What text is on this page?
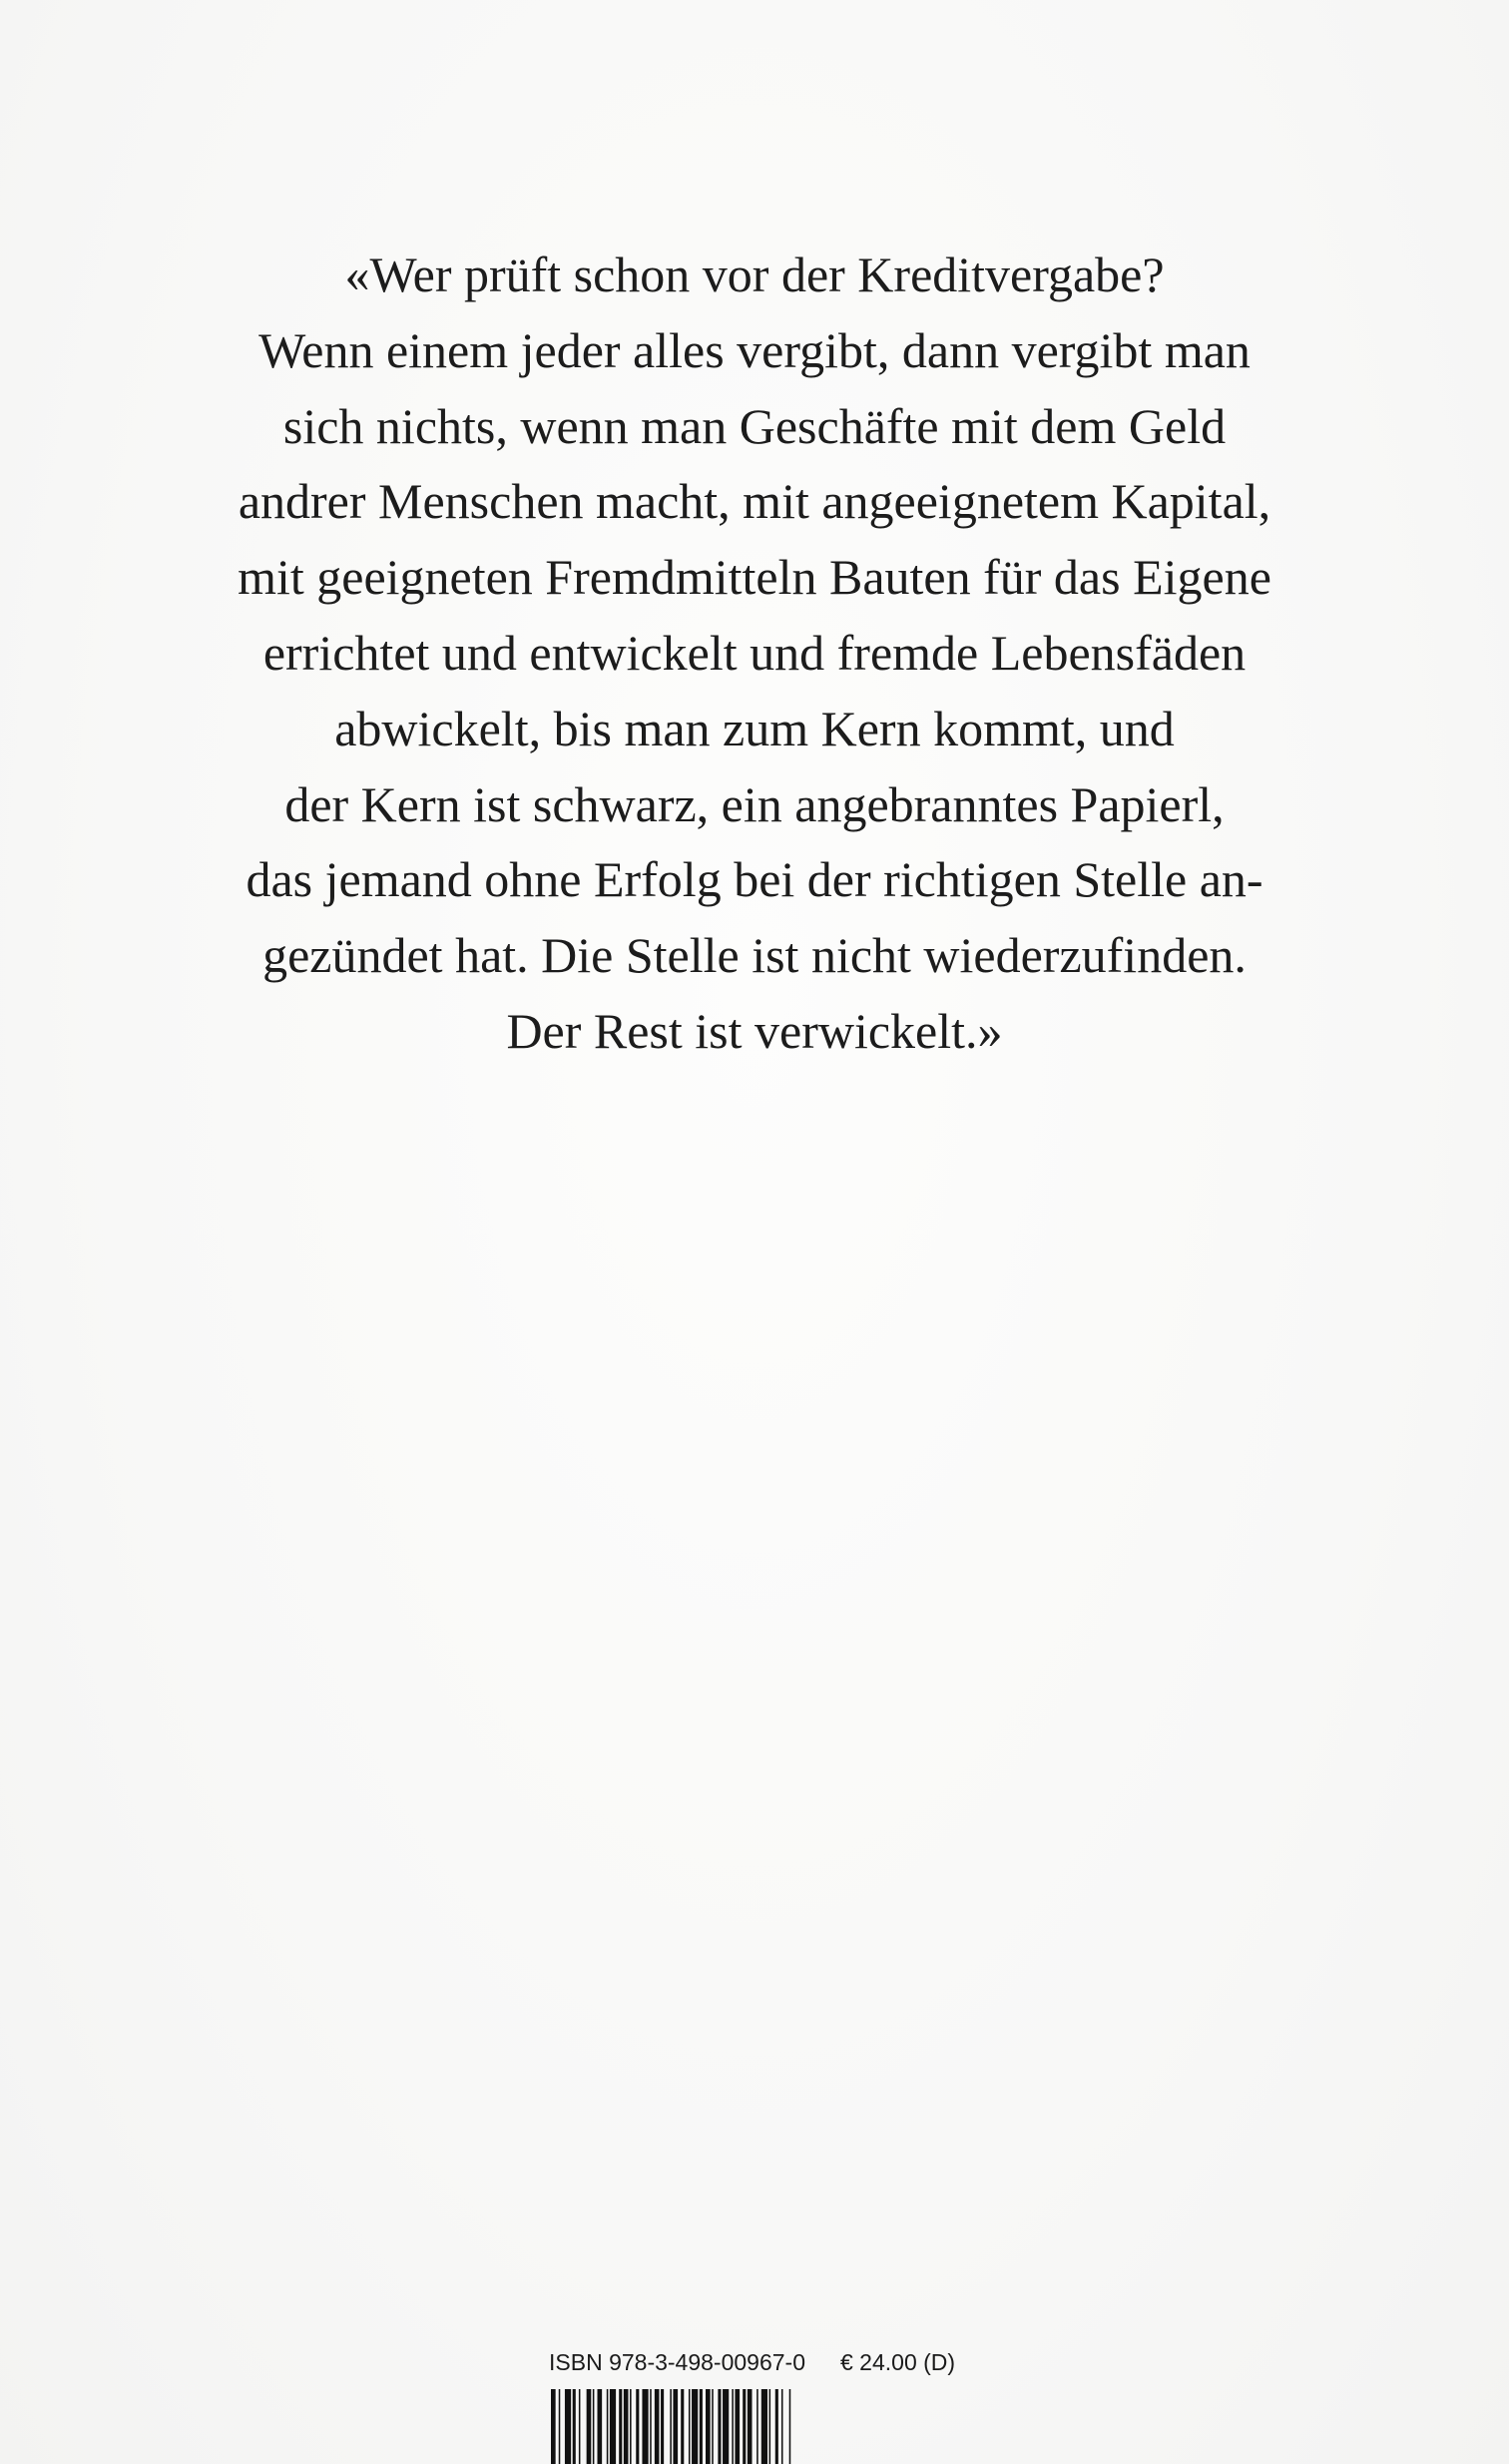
«Wer prüft schon vor der Kreditvergabe?
Wenn einem jeder alles vergibt, dann vergibt man
sich nichts, wenn man Geschäfte mit dem Geld
andrer Menschen macht, mit angeeignetem Kapital,
mit geeigneten Fremdmitteln Bauten für das Eigene
errichtet und entwickelt und fremde Lebensfäden
abwickelt, bis man zum Kern kommt, und
der Kern ist schwarz, ein angebranntes Papierl,
das jemand ohne Erfolg bei der richtigen Stelle an-
gezündet hat. Die Stelle ist nicht wiederzufinden.
Der Rest ist verwickelt.»
ISBN 978-3-498-00967-0 € 24.00 (D)
